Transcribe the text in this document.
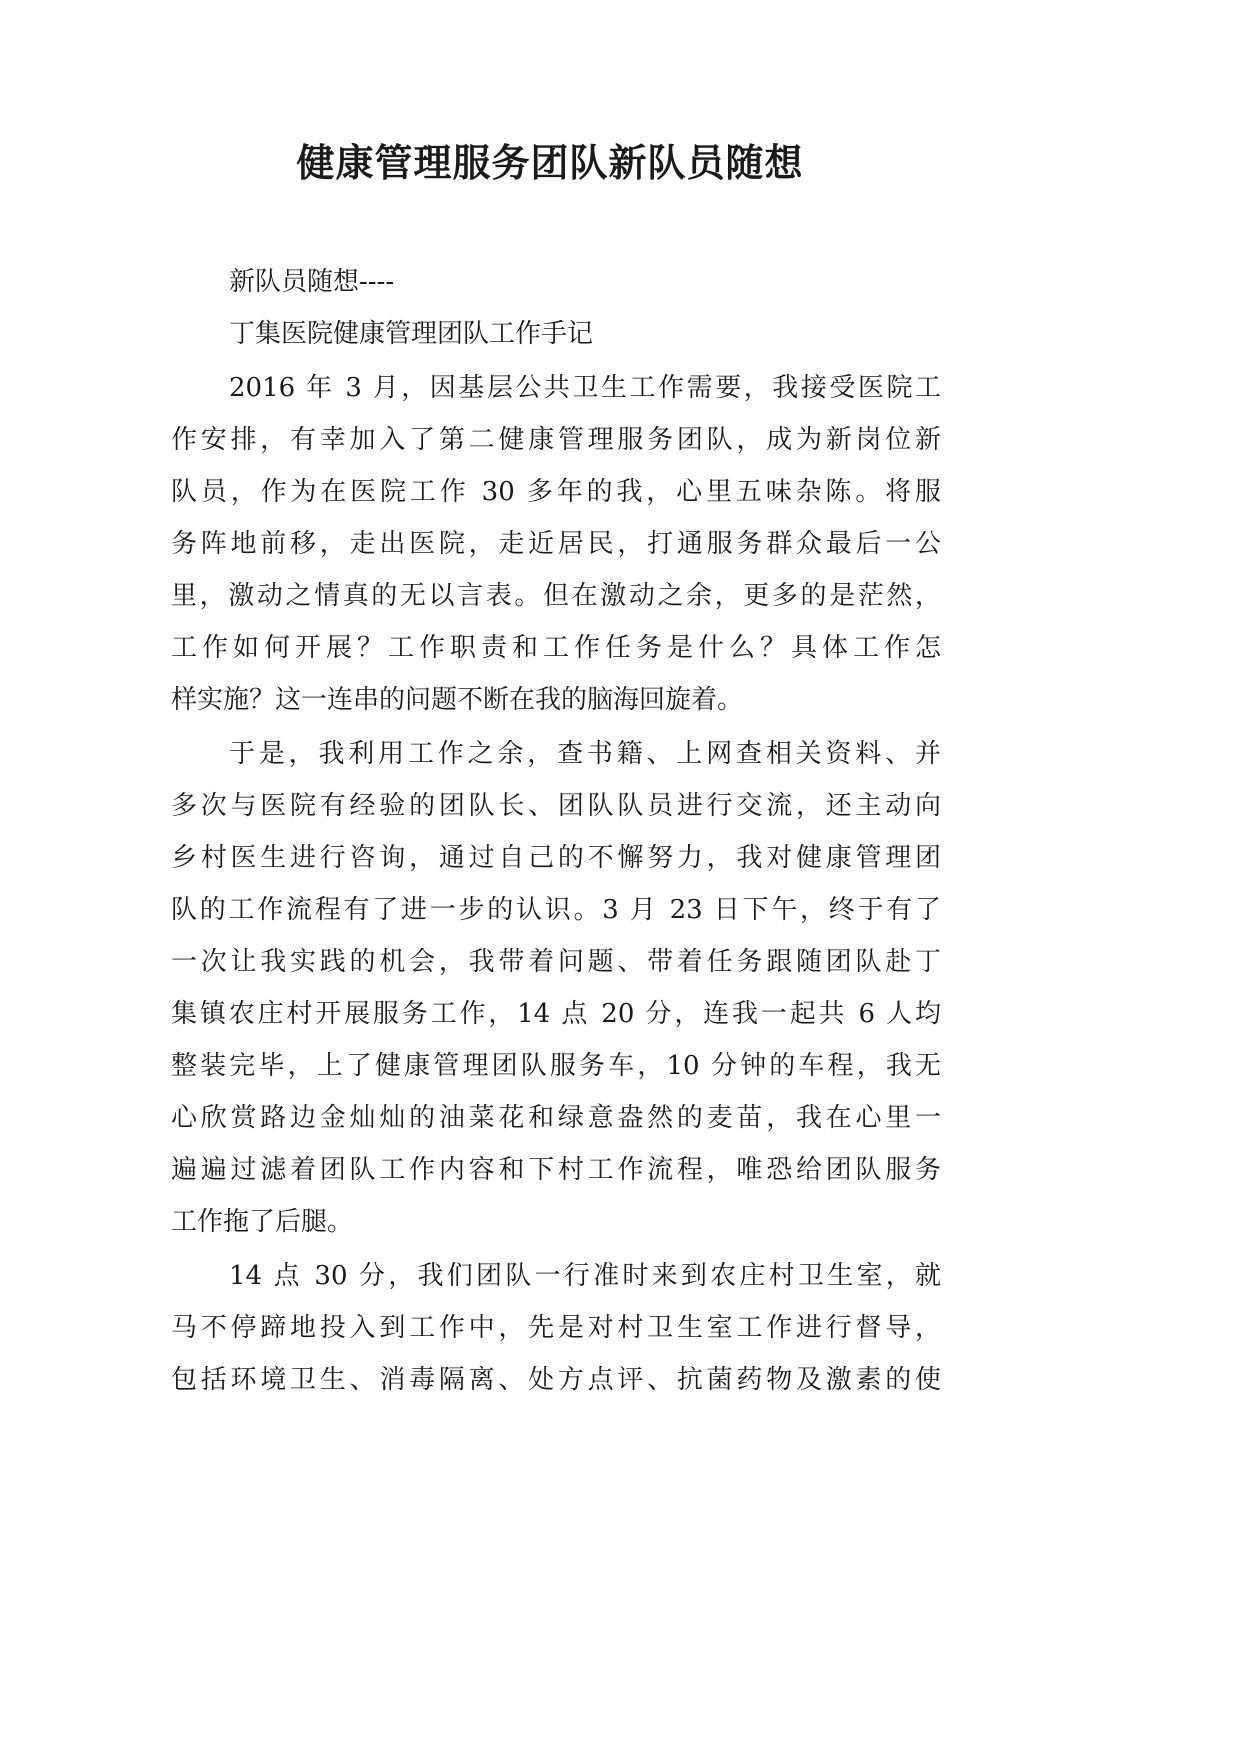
健康管理服务团队新队员随想

新队员随想----

丁集医院健康管理团队工作手记

2016 年 3 月，因基层公共卫生工作需要，我接受医院工

作安排，有幸加入了第二健康管理服务团队，成为新岗位新

队员，作为在医院工作 30 多年的我，心里五味杂陈。将服

务阵地前移，走出医院，走近居民，打通服务群众最后一公

里，激动之情真的无以言表。但在激动之余，更多的是茫然，

工作如何开展？工作职责和工作任务是什么？具体工作怎

样实施？这一连串的问题不断在我的脑海回旋着。

于是，我利用工作之余，查书籍、上网查相关资料、并

多次与医院有经验的团队长、团队队员进行交流，还主动向

乡村医生进行咨询，通过自己的不懈努力，我对健康管理团

队的工作流程有了进一步的认识。3 月 23 日下午，终于有了

一次让我实践的机会，我带着问题、带着任务跟随团队赴丁

集镇农庄村开展服务工作，14 点 20 分，连我一起共 6 人均

整装完毕，上了健康管理团队服务车，10 分钟的车程，我无

心欣赏路边金灿灿的油菜花和绿意盎然的麦苗，我在心里一

遍遍过滤着团队工作内容和下村工作流程，唯恐给团队服务

工作拖了后腿。

14 点 30 分，我们团队一行准时来到农庄村卫生室，就

马不停蹄地投入到工作中，先是对村卫生室工作进行督导，

包括环境卫生、消毒隔离、处方点评、抗菌药物及激素的使
